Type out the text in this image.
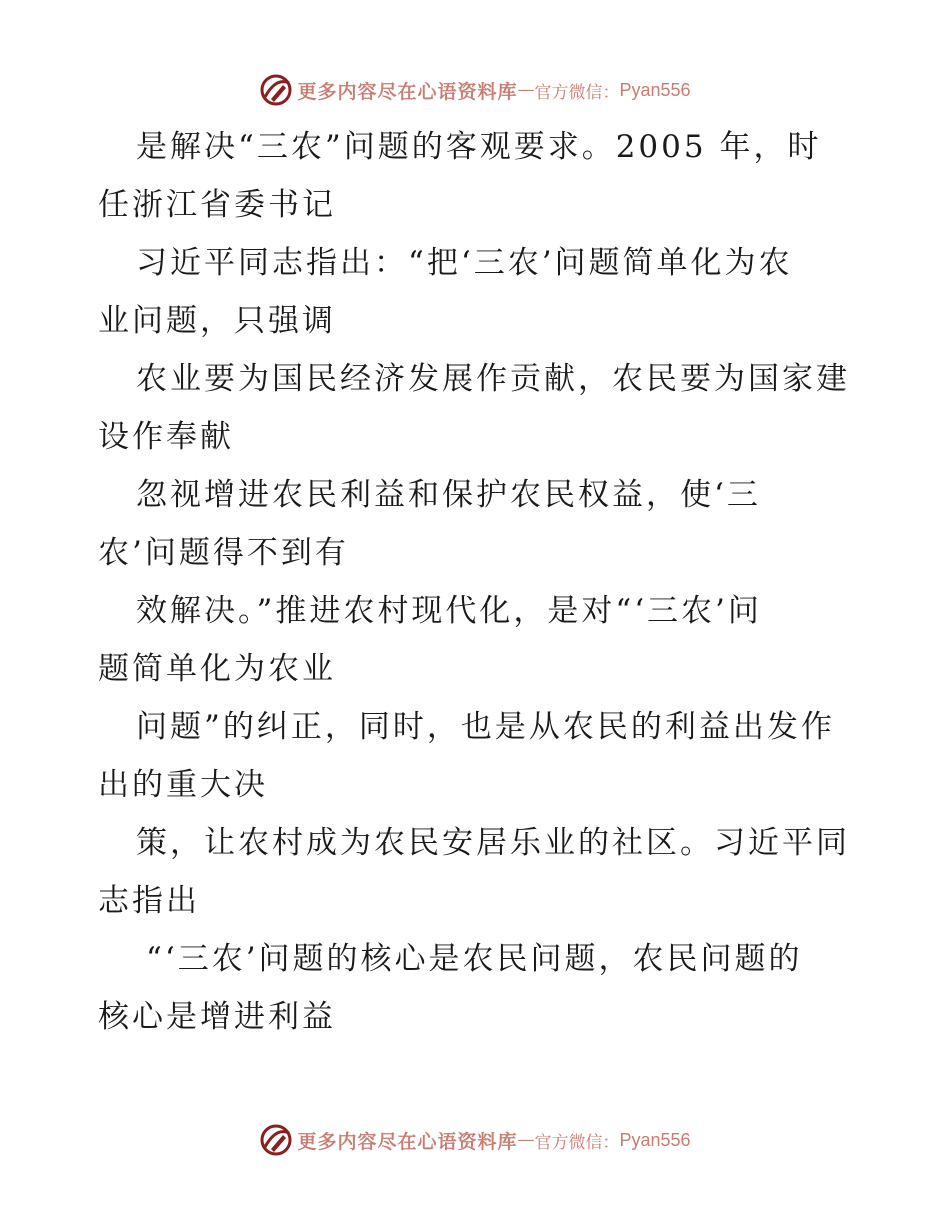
更多内容尽在心语资料库 — 官方微信： Pyan556
是解决“三农”问题的客观要求。2005 年，时
任浙江省委书记
习近平同志指出：“把‘三农’问题简单化为农
业问题，只强调
农业要为国民经济发展作贡献，农民要为国家建
设作奉献
忽视增进农民利益和保护农民权益，使‘三
农’问题得不到有
效解决。”推进农村现代化，是对“‘三农’问
题简单化为农业
问题”的纠正，同时，也是从农民的利益出发作
出的重大决
策，让农村成为农民安居乐业的社区。习近平同
志指出
“‘三农’问题的核心是农民问题，农民问题的
核心是增进利益
更多内容尽在心语资料库 — 官方微信： Pyan556
